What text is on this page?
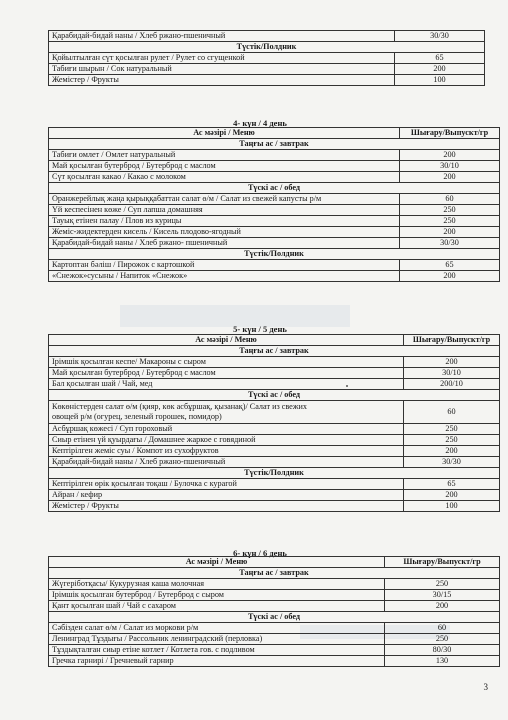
Қарабидай-бидай наны / Хлеб ржано-пшеничный	30/30
Түстік/Полдник	
Қойылтылған сүт қосылған рулет / Рулет со сгущенкой	65
Табиғи шырын / Сок натуральный	200
Жемістер / Фрукты	100
4- күн / 4 день
Ас мәзірі / Меню	Шығару/Выпускт/гр
Таңғы ас / завтрак	
Табиғи омлет / Омлет натуральный	200
Май қосылған бутерброд / Бутерброд с маслом	30/10
Сүт қосылған какао / Какао с молоком	200
Түскі ас / обед	
Оранжерейлық жаңа қырыққабаттан салат ө/м / Салат из свежей капусты р/м	60
Үй кеспесінен көже / Суп лапша домашняя	250
Тауық етінен палау / Плов из курицы	250
Жеміс-жидектерден кисель / Кисель плодово-ягодный	200
Қарабидай-бидай наны / Хлеб ржано- пшеничный	30/30
Түстік/Полдник	
Картоптан бәліш / Пирожок с картошкой	65
«Снежок»сусыны / Напиток «Снежок»	200
5- күн / 5 день
Ас мәзірі / Меню	Шығару/Выпускт/гр
Таңғы ас / завтрак	
Ірімшік қосылған кеспе/ Макароны с сыром	200
Май қосылған бутерброд / Бутерброд с маслом	30/10
Бал қосылған шай / Чай, мед	200/10
Түскі ас / обед	

Көкөністерден салат ө/м (қияр, көк асбұршақ, қызанақ)/ Салат из свежих
овощей р/м (огурец, зеленый горошек, помидор)	60
Асбұршақ көжесі / Суп гороховый	250
Сиыр етінен үй қуырдағы / Домашнее жаркое с говядиной	250
Кептірілген жеміс суы / Компот из сухофруктов	200
Қарабидай-бидай наны / Хлеб ржано-пшеничный	30/30
Түстік/Полдник	
Кептірілген өрік қосылған тоқаш / Булочка с курагой	65
Айран / кефир	200
Жемістер / Фрукты	100
6- күн / 6 день
Ас мәзірі / Меню	Шығару/Выпускт/гр
Таңғы ас / завтрак	
Жүгерiботқасы/ Кукурузная каша молочная	250
Ірімшік қосылған бутерброд / Бутерброд с сыром	30/15
Қант қосылған шай / Чай с сахаром	200
Түскі ас / обед	
Сәбізден салат ө/м / Салат из моркови р/м	60
Ленинград Тұздығы / Рассольник ленинградский (перловка)	250
Тұздықталған сиыр етіне котлет / Котлета гов. с подливом	80/30
Гречка гарнирі / Гречневый гарнир	130
3
